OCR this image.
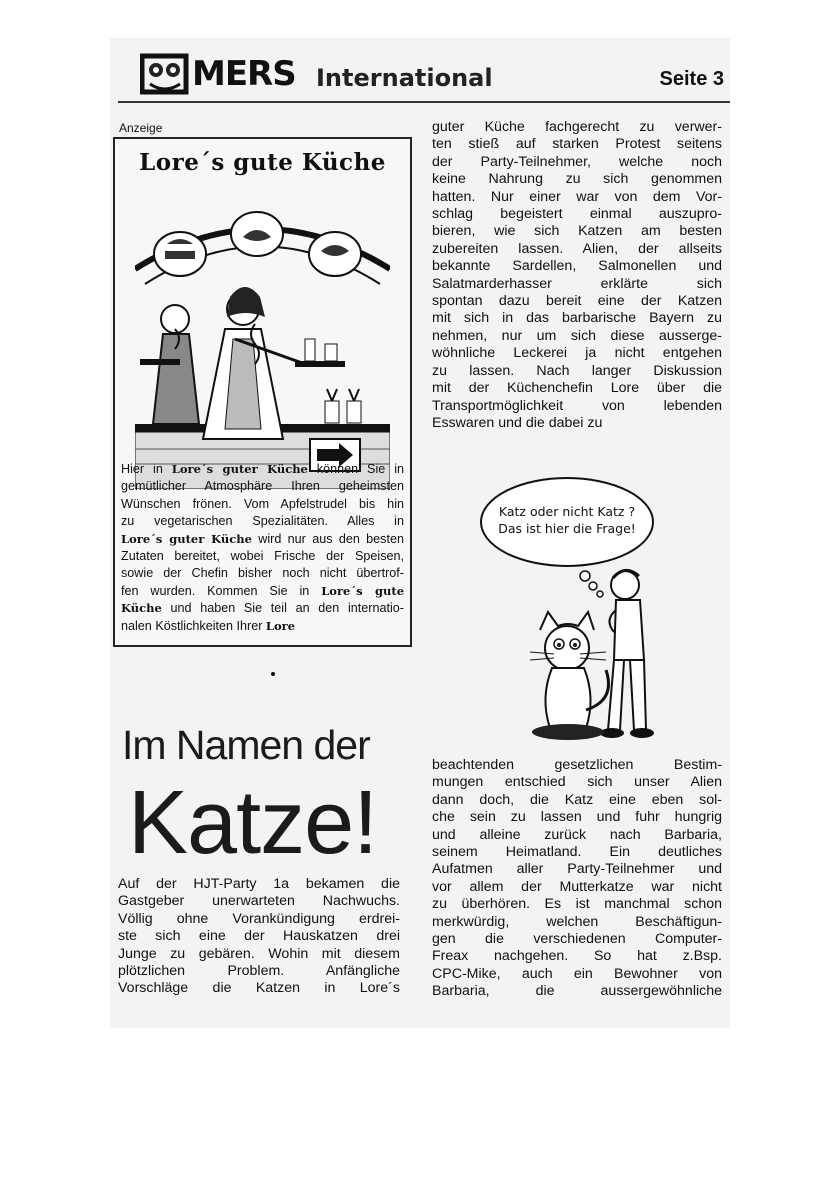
MERS International	Seite 3
Anzeige
Lore´s gute Küche
Hier in Lore´s guter Küche können Sie in
gemütlicher Atmosphäre Ihren geheimsten
Wünschen frönen. Vom Apfelstrudel bis hin
zu vegetarischen Spezialitäten. Alles in
Lore´s guter Küche wird nur aus den besten
Zutaten bereitet, wobei Frische der Speisen,
sowie der Chefin bisher noch nicht übertrof-
fen wurden. Kommen Sie in Lore´s gute
Küche und haben Sie teil an den internatio-
nalen Köstlichkeiten Ihrer Lore
Im Namen der
Katze!
Auf der HJT-Party 1a bekamen die
Gastgeber unerwarteten Nachwuchs.
Völlig ohne Vorankündigung erdrei-
ste sich eine der Hauskatzen drei
Junge zu gebären. Wohin mit diesem
plötzlichen Problem. Anfängliche
Vorschläge die Katzen in Lore´s
guter Küche fachgerecht zu verwer-
ten stieß auf starken Protest seitens
der Party-Teilnehmer, welche noch
keine Nahrung zu sich genommen
hatten. Nur einer war von dem Vor-
schlag begeistert einmal auszupro-
bieren, wie sich Katzen am besten
zubereiten lassen. Alien, der allseits
bekannte Sardellen, Salmonellen und
Salatmarderhasser erklärte sich
spontan dazu bereit eine der Katzen
mit sich in das barbarische Bayern zu
nehmen, nur um sich diese ausserge-
wöhnliche Leckerei ja nicht entgehen
zu lassen. Nach langer Diskussion
mit der Küchenchefin Lore über die
Transportmöglichkeit von lebenden
Esswaren und die dabei zu
Katz oder nicht Katz ?
Das ist hier die Frage!
beachtenden gesetzlichen Bestim-
mungen entschied sich unser Alien
dann doch, die Katz eine eben sol-
che sein zu lassen und fuhr hungrig
und alleine zurück nach Barbaria,
seinem Heimatland. Ein deutliches
Aufatmen aller Party-Teilnehmer und
vor allem der Mutterkatze war nicht
zu überhören. Es ist manchmal schon
merkwürdig, welchen Beschäftigun-
gen die verschiedenen Computer-
Freax nachgehen. So hat z.Bsp.
CPC-Mike, auch ein Bewohner von
Barbaria, die aussergewöhnliche
